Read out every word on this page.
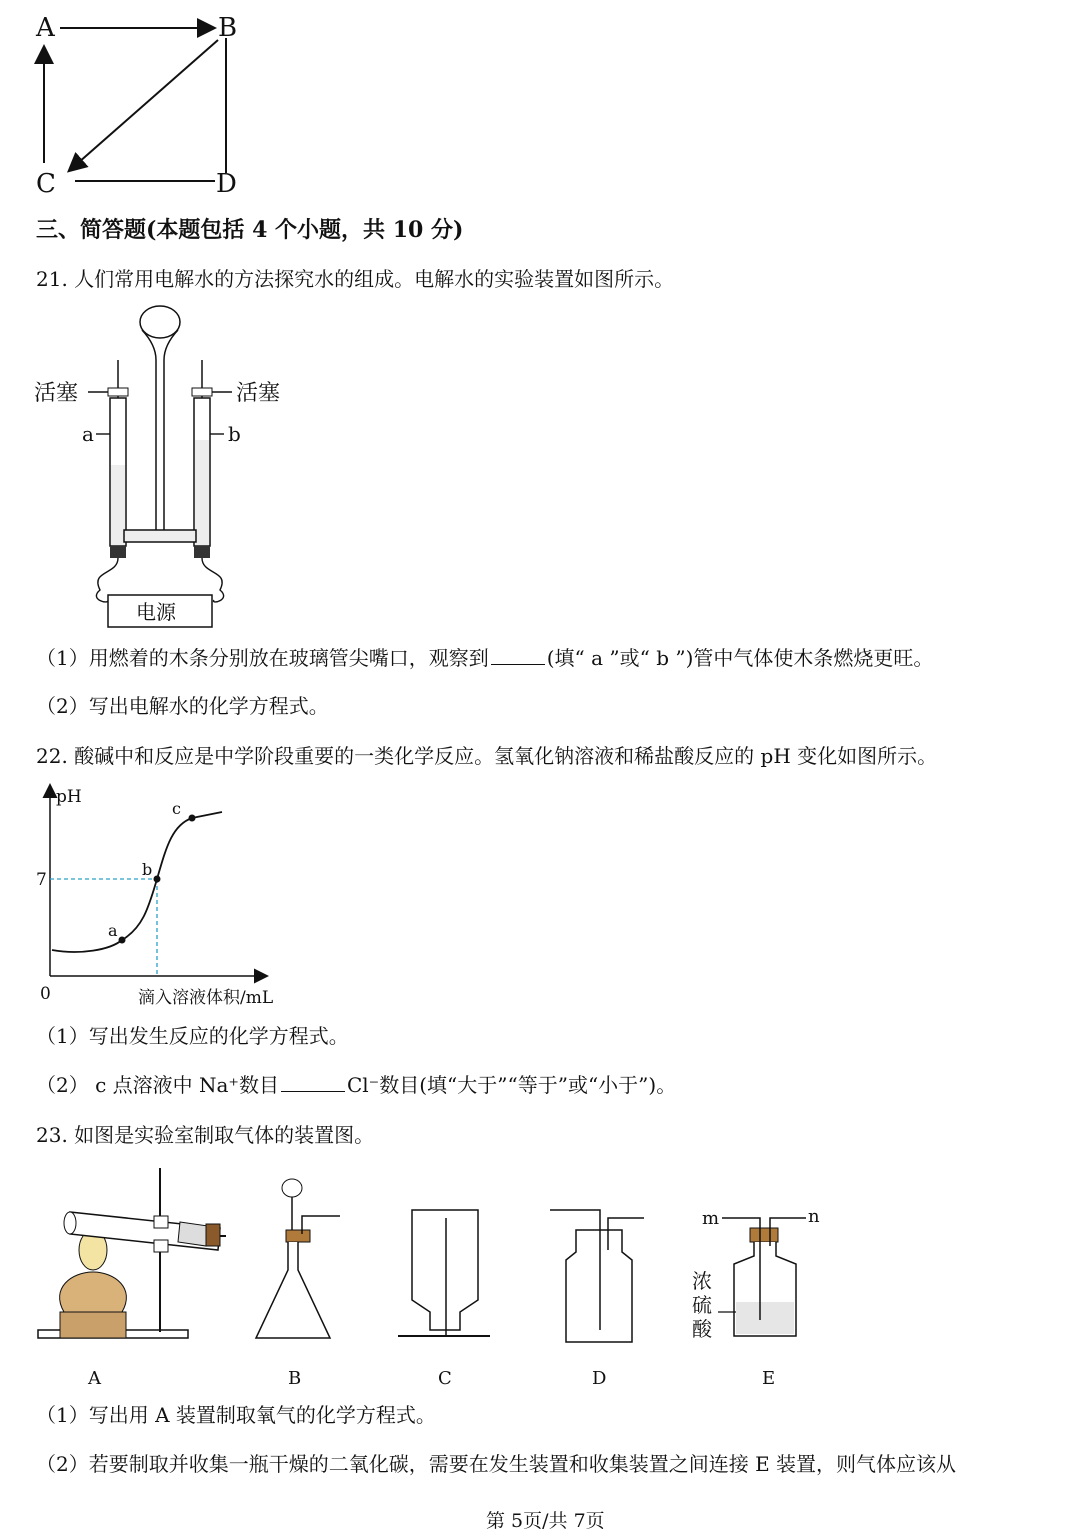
A	B
C	D
三、简答题(本题包括 4 个小题，共 10 分)
21. 人们常用电解水的方法探究水的组成。电解水的实验装置如图所示。
电源
活塞	活塞
a	b
（1）用燃着的木条分别放在玻璃管尖嘴口，观察到	(填“ a ”或“ b ”)管中气体使木条燃烧更旺。
（2）写出电解水的化学方程式。
22. 酸碱中和反应是中学阶段重要的一类化学反应。氢氧化钠溶液和稀盐酸反应的 pH 变化如图所示。
pH
0	滴入溶液体积/mL
7
a
b
c
（1）写出发生反应的化学方程式。
（2） c 点溶液中 Na⁺数目	Cl⁻数目(填“大于”“等于”或“小于”)。
23. 如图是实验室制取气体的装置图。
A	B	C	D
m	n
浓
硫
酸
E
（1）写出用 A 装置制取氧气的化学方程式。
（2）若要制取并收集一瓶干燥的二氧化碳，需要在发生装置和收集装置之间连接 E 装置，则气体应该从
第 5页/共 7页
